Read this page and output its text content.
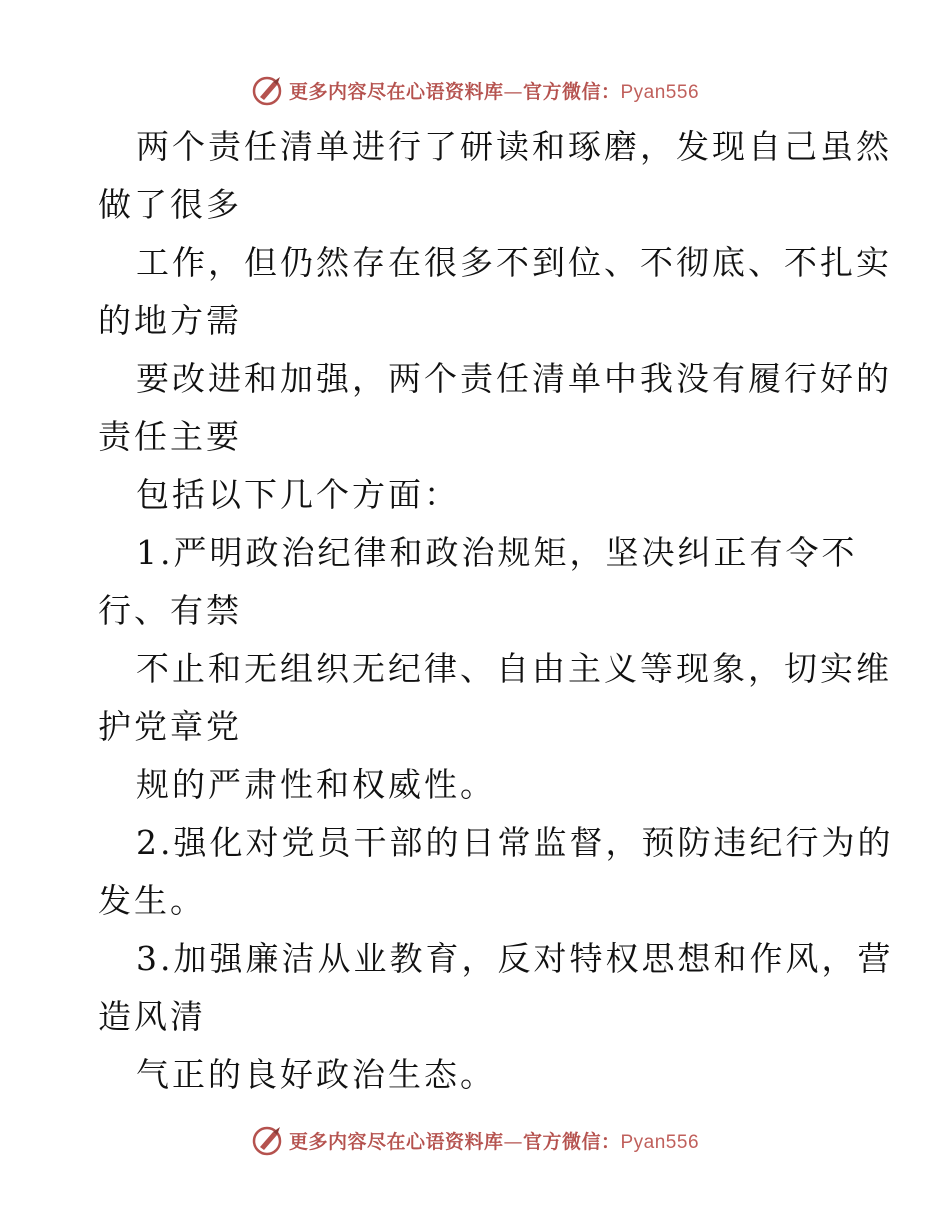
更多内容尽在心语资料库—官方微信：Pyan556
两个责任清单进行了研读和琢磨，发现自己虽然
做了很多
工作，但仍然存在很多不到位、不彻底、不扎实
的地方需
要改进和加强，两个责任清单中我没有履行好的
责任主要
包括以下几个方面：
1.严明政治纪律和政治规矩，坚决纠正有令不
行、有禁
不止和无组织无纪律、自由主义等现象，切实维
护党章党
规的严肃性和权威性。
2.强化对党员干部的日常监督，预防违纪行为的
发生。
3.加强廉洁从业教育，反对特权思想和作风，营
造风清
气正的良好政治生态。
更多内容尽在心语资料库—官方微信：Pyan556
